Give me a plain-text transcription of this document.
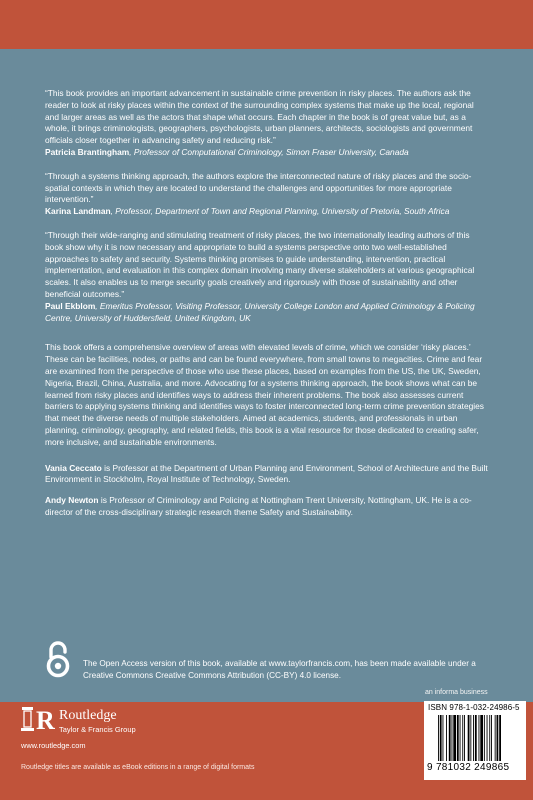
“This book provides an important advancement in sustainable crime prevention in risky places. The authors ask the reader to look at risky places within the context of the surrounding complex systems that make up the local, regional and larger areas as well as the actors that shape what occurs. Each chapter in the book is of great value but, as a whole, it brings criminologists, geographers, psychologists, urban planners, architects, sociologists and government officials closer together in advancing safety and reducing risk.”

Patricia Brantingham, Professor of Computational Criminology, Simon Fraser University, Canada

“Through a systems thinking approach, the authors explore the interconnected nature of risky places and the socio-spatial contexts in which they are located to understand the challenges and opportunities for more appropriate intervention.”

Karina Landman, Professor, Department of Town and Regional Planning, University of Pretoria, South Africa

“Through their wide-ranging and stimulating treatment of risky places, the two internationally leading authors of this book show why it is now necessary and appropriate to build a systems perspective onto two well-established approaches to safety and security. Systems thinking promises to guide understanding, intervention, practical implementation, and evaluation in this complex domain involving many diverse stakeholders at various geographical scales. It also enables us to merge security goals creatively and rigorously with those of sustainability and other beneficial outcomes.”

Paul Ekblom, Emeritus Professor, Visiting Professor, University College London and Applied Criminology & Policing Centre, University of Huddersfield, United Kingdom, UK

This book offers a comprehensive overview of areas with elevated levels of crime, which we consider ‘risky places.’ These can be facilities, nodes, or paths and can be found everywhere, from small towns to megacities. Crime and fear are examined from the perspective of those who use these places, based on examples from the US, the UK, Sweden, Nigeria, Brazil, China, Australia, and more. Advocating for a systems thinking approach, the book shows what can be learned from risky places and identifies ways to address their inherent problems. The book also assesses current barriers to applying systems thinking and identifies ways to foster interconnected long-term crime prevention strategies that meet the diverse needs of multiple stakeholders. Aimed at academics, students, and professionals in urban planning, criminology, geography, and related fields, this book is a vital resource for those dedicated to creating safer, more inclusive, and sustainable environments.

Vania Ceccato is Professor at the Department of Urban Planning and Environment, School of Architecture and the Built Environment in Stockholm, Royal Institute of Technology, Sweden.

Andy Newton is Professor of Criminology and Policing at Nottingham Trent University, Nottingham, UK. He is a co-director of the cross-disciplinary strategic research theme Safety and Sustainability.

The Open Access version of this book, available at www.taylorfrancis.com, has been made available under a Creative Commons Creative Commons Attribution (CC-BY) 4.0 license.

an informa business
R Routledge
Taylor & Francis Group
www.routledge.com
Routledge titles are available as eBook editions in a range of digital formats
ISBN 978-1-032-24986-5
9 781032 249865
